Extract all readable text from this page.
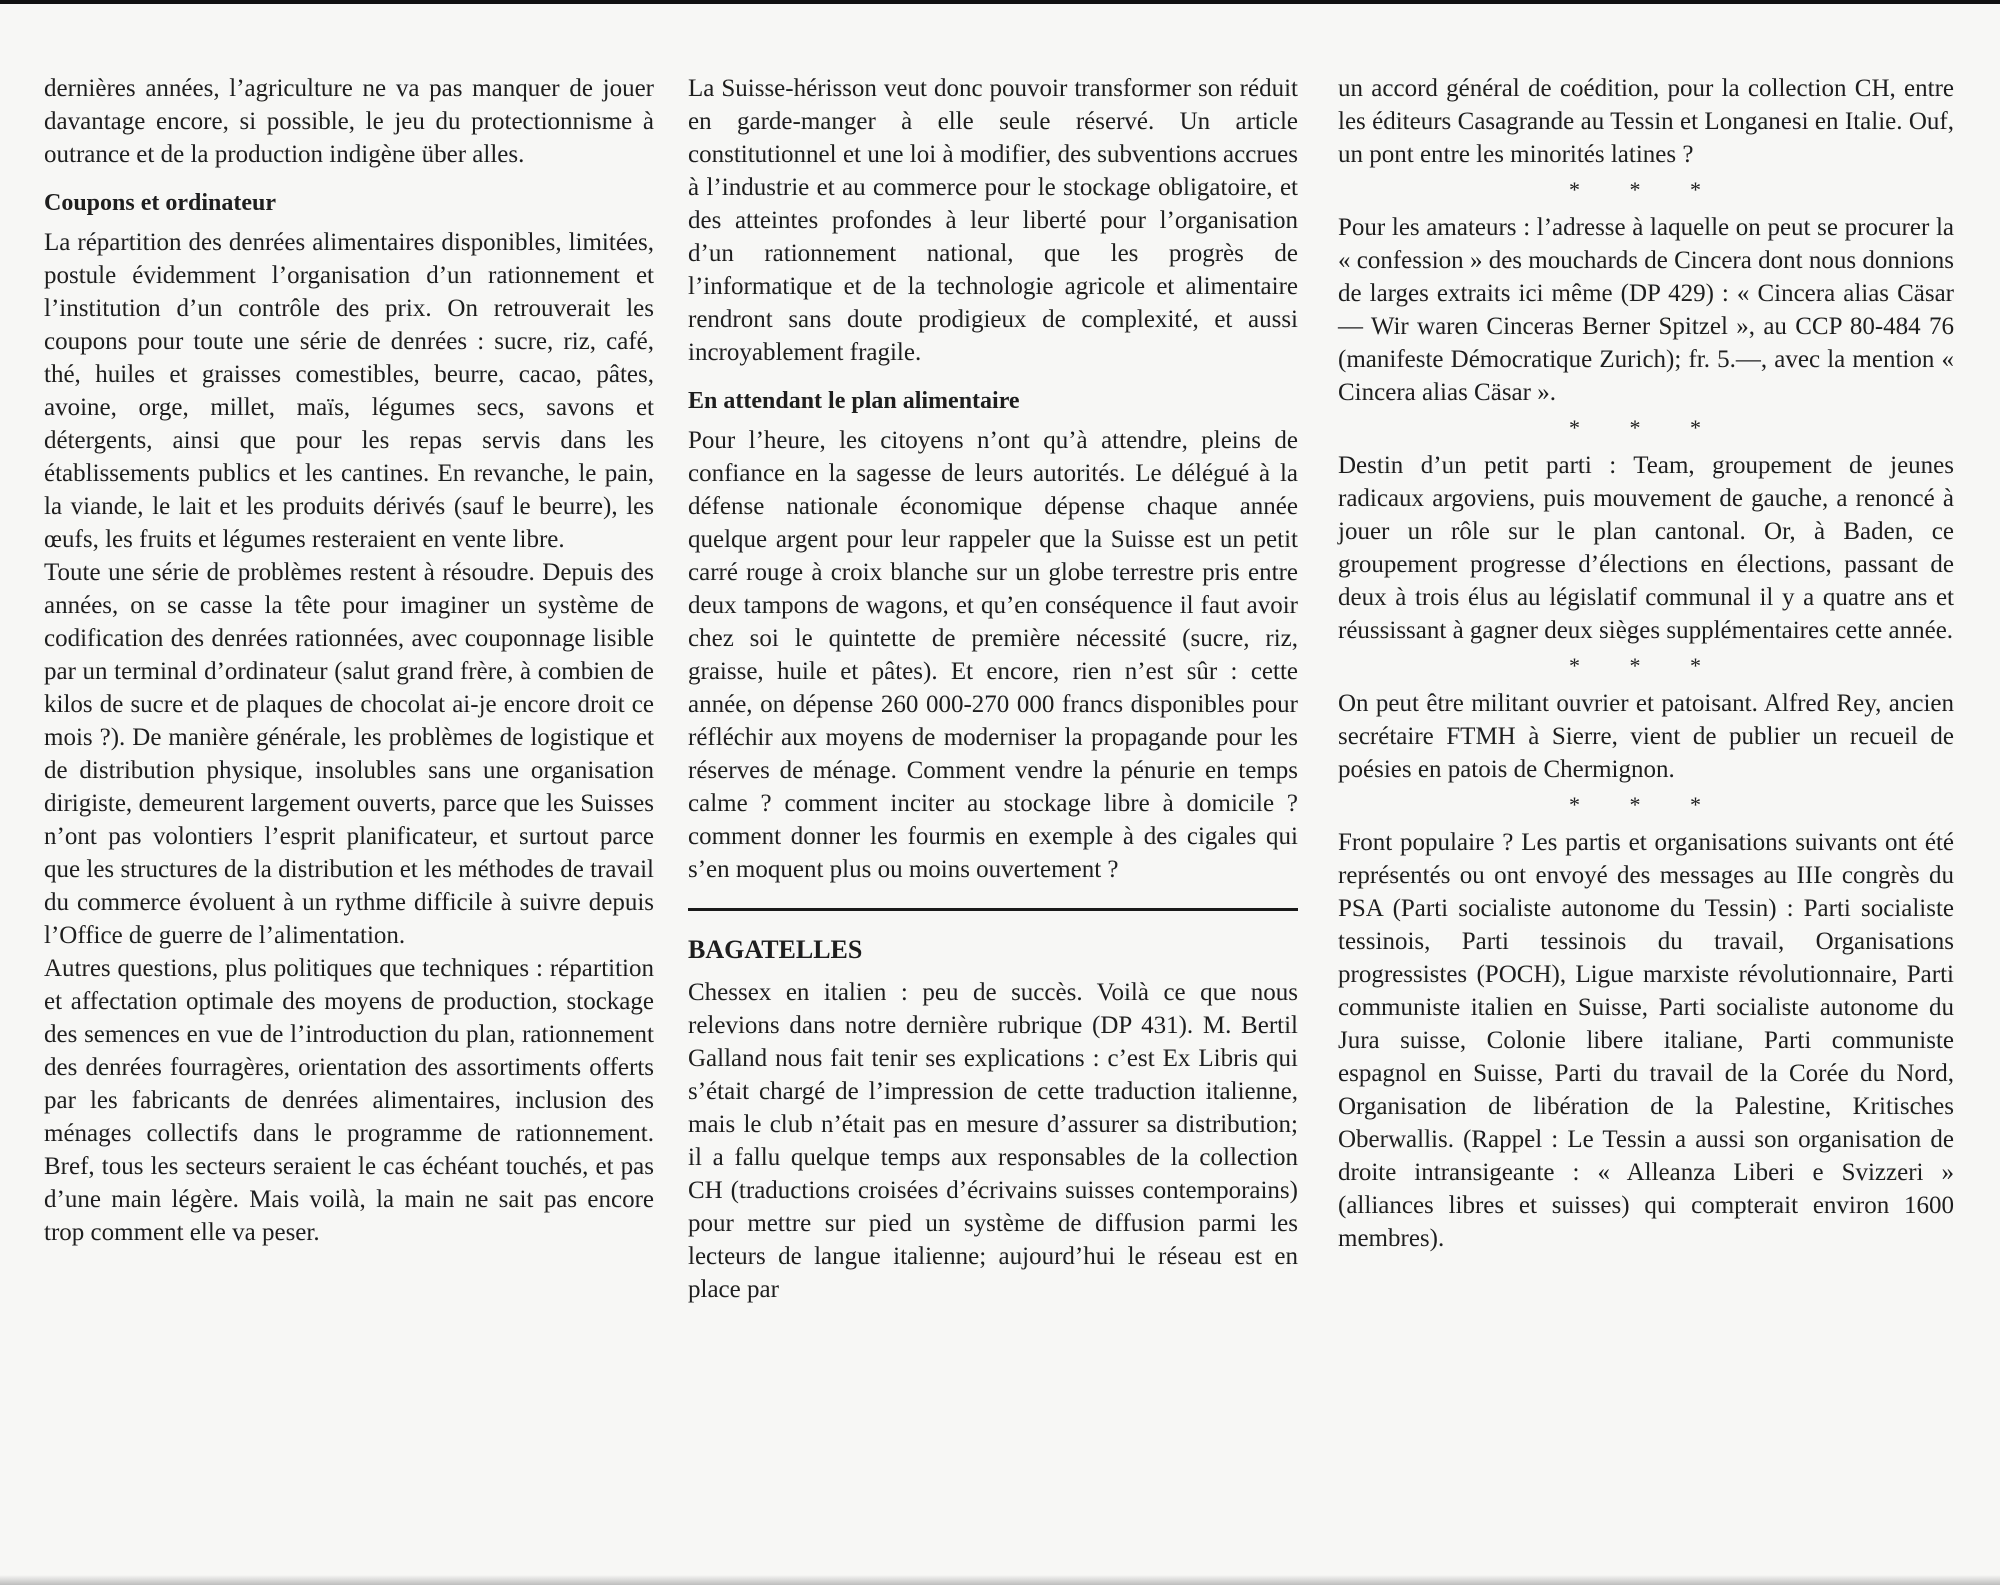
dernières années, l’agriculture ne va pas manquer de jouer davantage encore, si possible, le jeu du protectionnisme à outrance et de la production indigène über alles.

Coupons et ordinateur

La répartition des denrées alimentaires disponibles, limitées, postule évidemment l’organisation d’un rationnement et l’institution d’un contrôle des prix. On retrouverait les coupons pour toute une série de denrées : sucre, riz, café, thé, huiles et graisses comestibles, beurre, cacao, pâtes, avoine, orge, millet, maïs, légumes secs, savons et détergents, ainsi que pour les repas servis dans les établissements publics et les cantines. En revanche, le pain, la viande, le lait et les produits dérivés (sauf le beurre), les œufs, les fruits et légumes resteraient en vente libre.

Toute une série de problèmes restent à résoudre. Depuis des années, on se casse la tête pour imaginer un système de codification des denrées rationnées, avec couponnage lisible par un terminal d’ordinateur (salut grand frère, à combien de kilos de sucre et de plaques de chocolat ai-je encore droit ce mois ?). De manière générale, les problèmes de logistique et de distribution physique, insolubles sans une organisation dirigiste, demeurent largement ouverts, parce que les Suisses n’ont pas volontiers l’esprit planificateur, et surtout parce que les structures de la distribution et les méthodes de travail du commerce évoluent à un rythme difficile à suivre depuis l’Office de guerre de l’alimentation.

Autres questions, plus politiques que techniques : répartition et affectation optimale des moyens de production, stockage des semences en vue de l’introduction du plan, rationnement des denrées fourragères, orientation des assortiments offerts par les fabricants de denrées alimentaires, inclusion des ménages collectifs dans le programme de rationnement. Bref, tous les secteurs seraient le cas échéant touchés, et pas d’une main légère. Mais voilà, la main ne sait pas encore trop comment elle va peser.

La Suisse-hérisson veut donc pouvoir transformer son réduit en garde-manger à elle seule réservé. Un article constitutionnel et une loi à modifier, des subventions accrues à l’industrie et au commerce pour le stockage obligatoire, et des atteintes profondes à leur liberté pour l’organisation d’un rationnement national, que les progrès de l’informatique et de la technologie agricole et alimentaire rendront sans doute prodigieux de complexité, et aussi incroyablement fragile.

En attendant le plan alimentaire

Pour l’heure, les citoyens n’ont qu’à attendre, pleins de confiance en la sagesse de leurs autorités. Le délégué à la défense nationale économique dépense chaque année quelque argent pour leur rappeler que la Suisse est un petit carré rouge à croix blanche sur un globe terrestre pris entre deux tampons de wagons, et qu’en conséquence il faut avoir chez soi le quintette de première nécessité (sucre, riz, graisse, huile et pâtes). Et encore, rien n’est sûr : cette année, on dépense 260 000-270 000 francs disponibles pour réfléchir aux moyens de moderniser la propagande pour les réserves de ménage. Comment vendre la pénurie en temps calme ? comment inciter au stockage libre à domicile ? comment donner les fourmis en exemple à des cigales qui s’en moquent plus ou moins ouvertement ?

BAGATELLES

Chessex en italien : peu de succès. Voilà ce que nous relevions dans notre dernière rubrique (DP 431). M. Bertil Galland nous fait tenir ses explications : c’est Ex Libris qui s’était chargé de l’impression de cette traduction italienne, mais le club n’était pas en mesure d’assurer sa distribution; il a fallu quelque temps aux responsables de la collection CH (traductions croisées d’écrivains suisses contemporains) pour mettre sur pied un système de diffusion parmi les lecteurs de langue italienne; aujourd’hui le réseau est en place par

un accord général de coédition, pour la collection CH, entre les éditeurs Casagrande au Tessin et Longanesi en Italie. Ouf, un pont entre les minorités latines ?

* * *

Pour les amateurs : l’adresse à laquelle on peut se procurer la « confession » des mouchards de Cincera dont nous donnions de larges extraits ici même (DP 429) : « Cincera alias Cäsar — Wir waren Cinceras Berner Spitzel », au CCP 80-484 76 (manifeste Démocratique Zurich); fr. 5.—, avec la mention « Cincera alias Cäsar ».

* * *

Destin d’un petit parti : Team, groupement de jeunes radicaux argoviens, puis mouvement de gauche, a renoncé à jouer un rôle sur le plan cantonal. Or, à Baden, ce groupement progresse d’élections en élections, passant de deux à trois élus au législatif communal il y a quatre ans et réussissant à gagner deux sièges supplémentaires cette année.

* * *

On peut être militant ouvrier et patoisant. Alfred Rey, ancien secrétaire FTMH à Sierre, vient de publier un recueil de poésies en patois de Chermignon.

* * *

Front populaire ? Les partis et organisations suivants ont été représentés ou ont envoyé des messages au IIIe congrès du PSA (Parti socialiste autonome du Tessin) : Parti socialiste tessinois, Parti tessinois du travail, Organisations progressistes (POCH), Ligue marxiste révolutionnaire, Parti communiste italien en Suisse, Parti socialiste autonome du Jura suisse, Colonie libere italiane, Parti communiste espagnol en Suisse, Parti du travail de la Corée du Nord, Organisation de libération de la Palestine, Kritisches Oberwallis. (Rappel : Le Tessin a aussi son organisation de droite intransigeante : « Alleanza Liberi e Svizzeri » (alliances libres et suisses) qui compterait environ 1600 membres).
